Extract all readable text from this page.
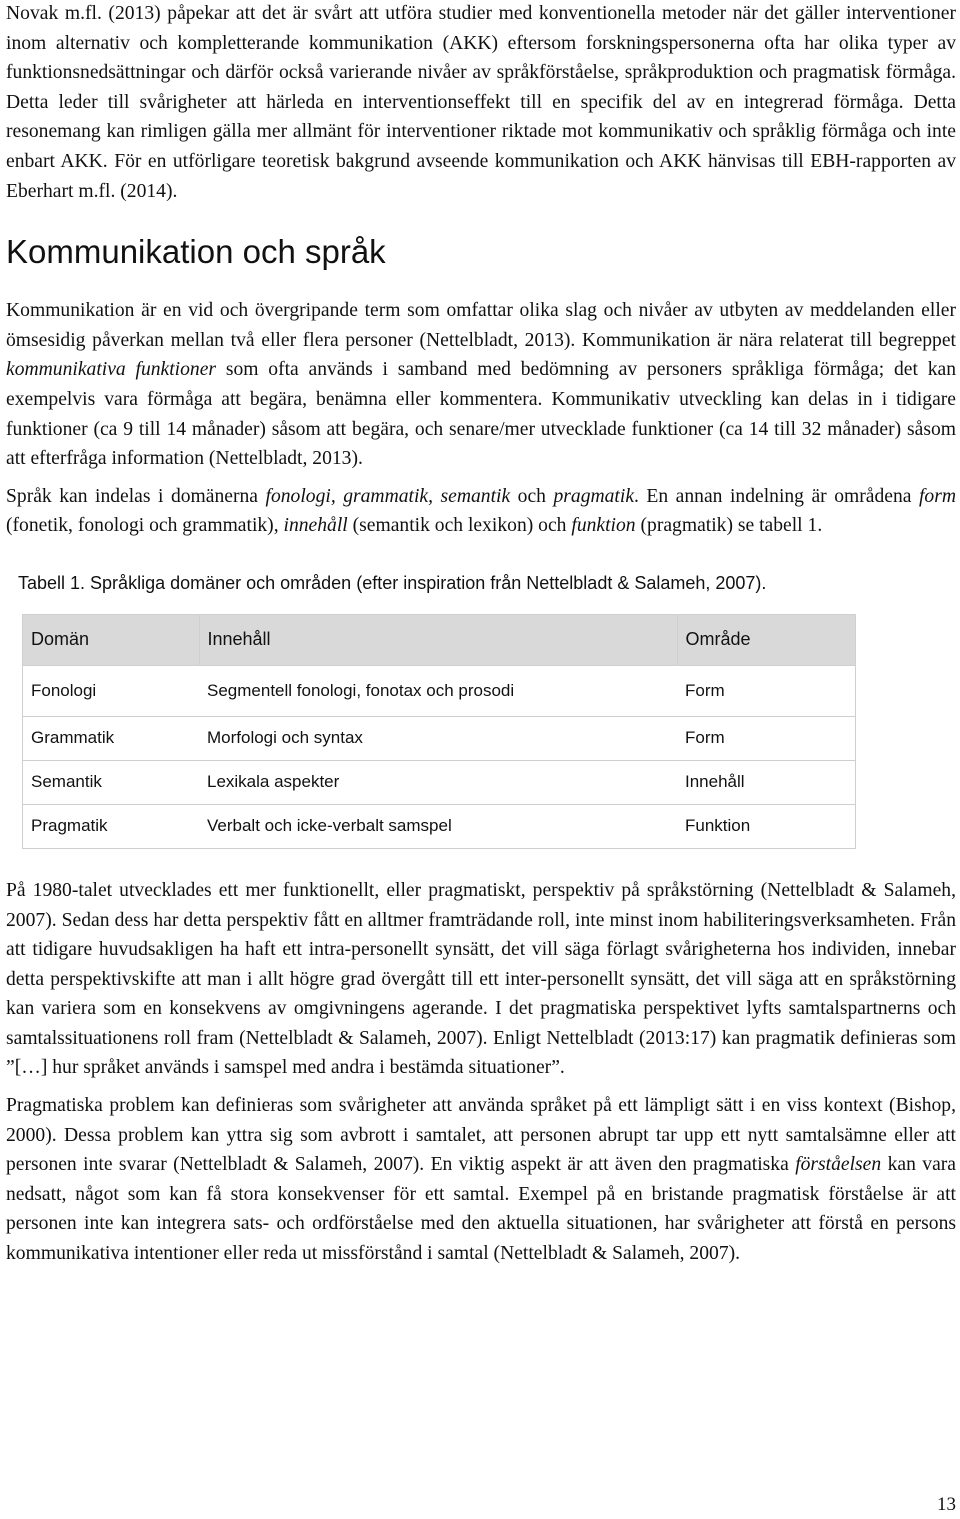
Novak m.fl. (2013) påpekar att det är svårt att utföra studier med konventionella metoder när det gäller interventioner inom alternativ och kompletterande kommunikation (AKK) eftersom forskningspersonerna ofta har olika typer av funktionsnedsättningar och därför också varierande nivåer av språkförståelse, språkproduktion och pragmatisk förmåga. Detta leder till svårigheter att härleda en interventionseffekt till en specifik del av en integrerad förmåga. Detta resonemang kan rimligen gälla mer allmänt för interventioner riktade mot kommunikativ och språklig förmåga och inte enbart AKK. För en utförligare teoretisk bakgrund avseende kommunikation och AKK hänvisas till EBH-rapporten av Eberhart m.fl. (2014).

Kommunikation och språk

Kommunikation är en vid och övergripande term som omfattar olika slag och nivåer av utbyten av meddelanden eller ömsesidig påverkan mellan två eller flera personer (Nettelbladt, 2013). Kommunikation är nära relaterat till begreppet kommunikativa funktioner som ofta används i samband med bedömning av personers språkliga förmåga; det kan exempelvis vara förmåga att begära, benämna eller kommentera. Kommunikativ utveckling kan delas in i tidigare funktioner (ca 9 till 14 månader) såsom att begära, och senare/mer utvecklade funktioner (ca 14 till 32 månader) såsom att efterfråga information (Nettelbladt, 2013).

Språk kan indelas i domänerna fonologi, grammatik, semantik och pragmatik. En annan indelning är områdena form (fonetik, fonologi och grammatik), innehåll (semantik och lexikon) och funktion (pragmatik) se tabell 1.

Tabell 1. Språkliga domäner och områden (efter inspiration från Nettelbladt & Salameh, 2007).
Domän	Innehåll	Område
Fonologi	Segmentell fonologi, fonotax och prosodi	Form
Grammatik	Morfologi och syntax	Form
Semantik	Lexikala aspekter	Innehåll
Pragmatik	Verbalt och icke-verbalt samspel	Funktion

På 1980-talet utvecklades ett mer funktionellt, eller pragmatiskt, perspektiv på språkstörning (Nettelbladt & Salameh, 2007). Sedan dess har detta perspektiv fått en alltmer framträdande roll, inte minst inom habiliteringsverksamheten. Från att tidigare huvudsakligen ha haft ett intra-personellt synsätt, det vill säga förlagt svårigheterna hos individen, innebar detta perspektivskifte att man i allt högre grad övergått till ett inter-personellt synsätt, det vill säga att en språkstörning kan variera som en konsekvens av omgivningens agerande. I det pragmatiska perspektivet lyfts samtalspartnerns och samtalssituationens roll fram (Nettelbladt & Salameh, 2007). Enligt Nettelbladt (2013:17) kan pragmatik definieras som ”[…] hur språket används i samspel med andra i bestämda situationer”.

Pragmatiska problem kan definieras som svårigheter att använda språket på ett lämpligt sätt i en viss kontext (Bishop, 2000). Dessa problem kan yttra sig som avbrott i samtalet, att personen abrupt tar upp ett nytt samtalsämne eller att personen inte svarar (Nettelbladt & Salameh, 2007). En viktig aspekt är att även den pragmatiska förståelsen kan vara nedsatt, något som kan få stora konsekvenser för ett samtal. Exempel på en bristande pragmatisk förståelse är att personen inte kan integrera sats- och ordförståelse med den aktuella situationen, har svårigheter att förstå en persons kommunikativa intentioner eller reda ut missförstånd i samtal (Nettelbladt & Salameh, 2007).

13
